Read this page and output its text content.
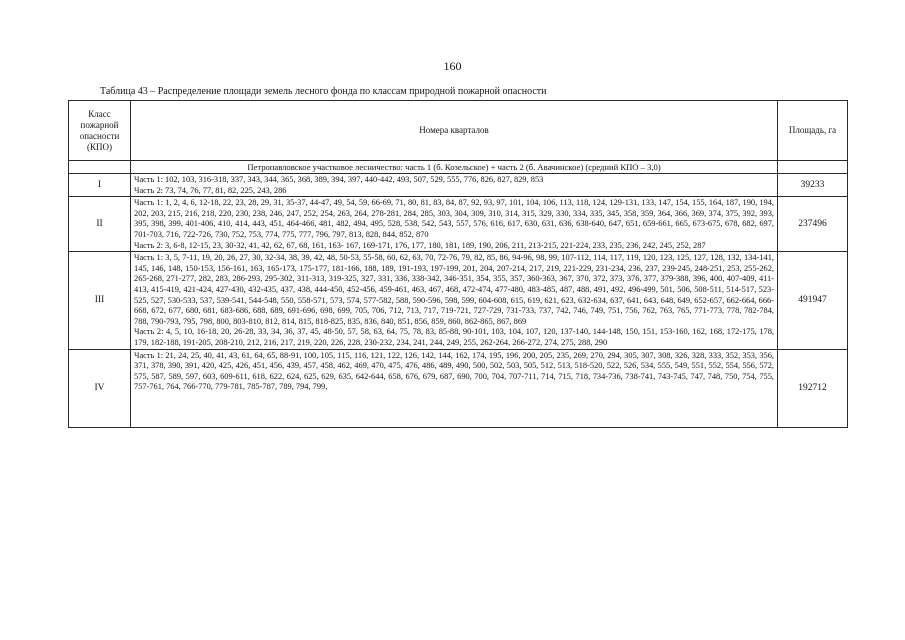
160
Таблица 43 – Распределение площади земель лесного фонда по классам природной пожарной опасности
Класс пожарной опасности (КПО)	Номера кварталов	Площадь, га
	Петропавловское участковое лесничество: часть 1 (б. Козельское) + часть 2 (б. Авачинское) (средний КПО – 3,0)	
I	Часть 1: 102, 103, 316-318, 337, 343, 344, 365, 368, 389, 394, 397, 440-442, 493, 507, 529, 555, 776, 826, 827, 829, 853

Часть 2: 73, 74, 76, 77, 81, 82, 225, 243, 286	39233
II	Часть 1: 1, 2, 4, 6, 12-18, 22, 23, 28, 29, 31, 35-37, 44-47, 49, 54, 59, 66-69, 71, 80, 81, 83, 84, 87, 92, 93, 97, 101, 104, 106, 113, 118, 124, 129-131, 133, 147, 154, 155, 164, 187, 190, 194, 202, 203, 215, 216, 218, 220, 230, 238, 246, 247, 252, 254, 263, 264, 278-281, 284, 285, 303, 304, 309, 310, 314, 315, 329, 330, 334, 335, 345, 358, 359, 364, 366, 369, 374, 375, 392, 393, 395, 398, 399, 401-406, 410, 414, 443, 451, 464-466, 481, 482, 494, 495, 528, 538, 542, 543, 557, 576, 616, 617, 630, 631, 636, 638-640, 647, 651, 659-661, 665, 673-675, 678, 682, 697, 701-703, 716, 722-726, 730, 752, 753, 774, 775, 777, 796, 797, 813, 828, 844, 852, 870

Часть 2: 3, 6-8, 12-15, 23, 30-32, 41, 42, 62, 67, 68, 161, 163- 167, 169-171, 176, 177, 180, 181, 189, 190, 206, 211, 213-215, 221-224, 233, 235, 236, 242, 245, 252, 287	237496
III	Часть 1: 3, 5, 7-11, 19, 20, 26, 27, 30, 32-34, 38, 39, 42, 48, 50-53, 55-58, 60, 62, 63, 70, 72-76, 79, 82, 85, 86, 94-96, 98, 99, 107-112, 114, 117, 119, 120, 123, 125, 127, 128, 132, 134-141, 145, 146, 148, 150-153, 156-161, 163, 165-173, 175-177, 181-166, 188, 189, 191-193, 197-199, 201, 204, 207-214, 217, 219, 221-229, 231-234, 236, 237, 239-245, 248-251, 253, 255-262, 265-268, 271-277, 282, 283, 286-293, 295-302, 311-313, 319-325, 327, 331, 336, 338-342, 346-351, 354, 355, 357, 360-363, 367, 370, 372, 373, 376, 377, 379-388, 396, 400, 407-409, 411-413, 415-419, 421-424, 427-430, 432-435, 437, 438, 444-450, 452-456, 459-461, 463, 467, 468, 472-474, 477-480, 483-485, 487, 488, 491, 492, 496-499, 501, 506, 508-511, 514-517, 523-525, 527, 530-533, 537, 539-541, 544-548, 550, 558-571, 573, 574, 577-582, 588, 590-596, 598, 599, 604-608, 615, 619, 621, 623, 632-634, 637, 641, 643, 648, 649, 652-657, 662-664, 666-668, 672, 677, 680, 681, 683-686, 688, 689, 691-696, 698, 699, 705, 706, 712, 713, 717, 719-721, 727-729, 731-733, 737, 742, 746, 749, 751, 756, 762, 763, 765, 771-773, 778, 782-784, 788, 790-793, 795, 798, 800, 803-810, 812, 814, 815, 818-825, 835, 836, 840, 851, 856, 859, 860, 862-865, 867, 869

Часть 2: 4, 5, 10, 16-18, 20, 26-28, 33, 34, 36, 37, 45, 48-50, 57, 58, 63, 64, 75, 78, 83, 85-88, 90-101, 103, 104, 107, 120, 137-140, 144-148, 150, 151, 153-160, 162, 168, 172-175, 178, 179, 182-188, 191-205, 208-210, 212, 216, 217, 219, 220, 226, 228, 230-232, 234, 241, 244, 249, 255, 262-264, 266-272, 274, 275, 288, 290	491947
IV	Часть 1: 21, 24, 25, 40, 41, 43, 61, 64, 65, 88-91, 100, 105, 115, 116, 121, 122, 126, 142, 144, 162, 174, 195, 196, 200, 205, 235, 269, 270, 294, 305, 307, 308, 326, 328, 333, 352, 353, 356, 371, 378, 390, 391, 420, 425, 426, 451, 456, 439, 457, 458, 462, 469, 470, 475, 476, 486, 489, 490, 500, 502, 503, 505, 512, 513, 518-520, 522, 526, 534, 555, 549, 551, 552, 554, 556, 572, 575, 587, 589, 597, 603, 609-611, 618, 622, 624, 625, 629, 635, 642-644, 658, 676, 679, 687, 690, 700, 704, 707-711, 714, 715, 718, 734-736, 738-741, 743-745, 747, 748, 750, 754, 755, 757-761, 764, 766-770, 779-781, 785-787, 789, 794, 799,	192712
